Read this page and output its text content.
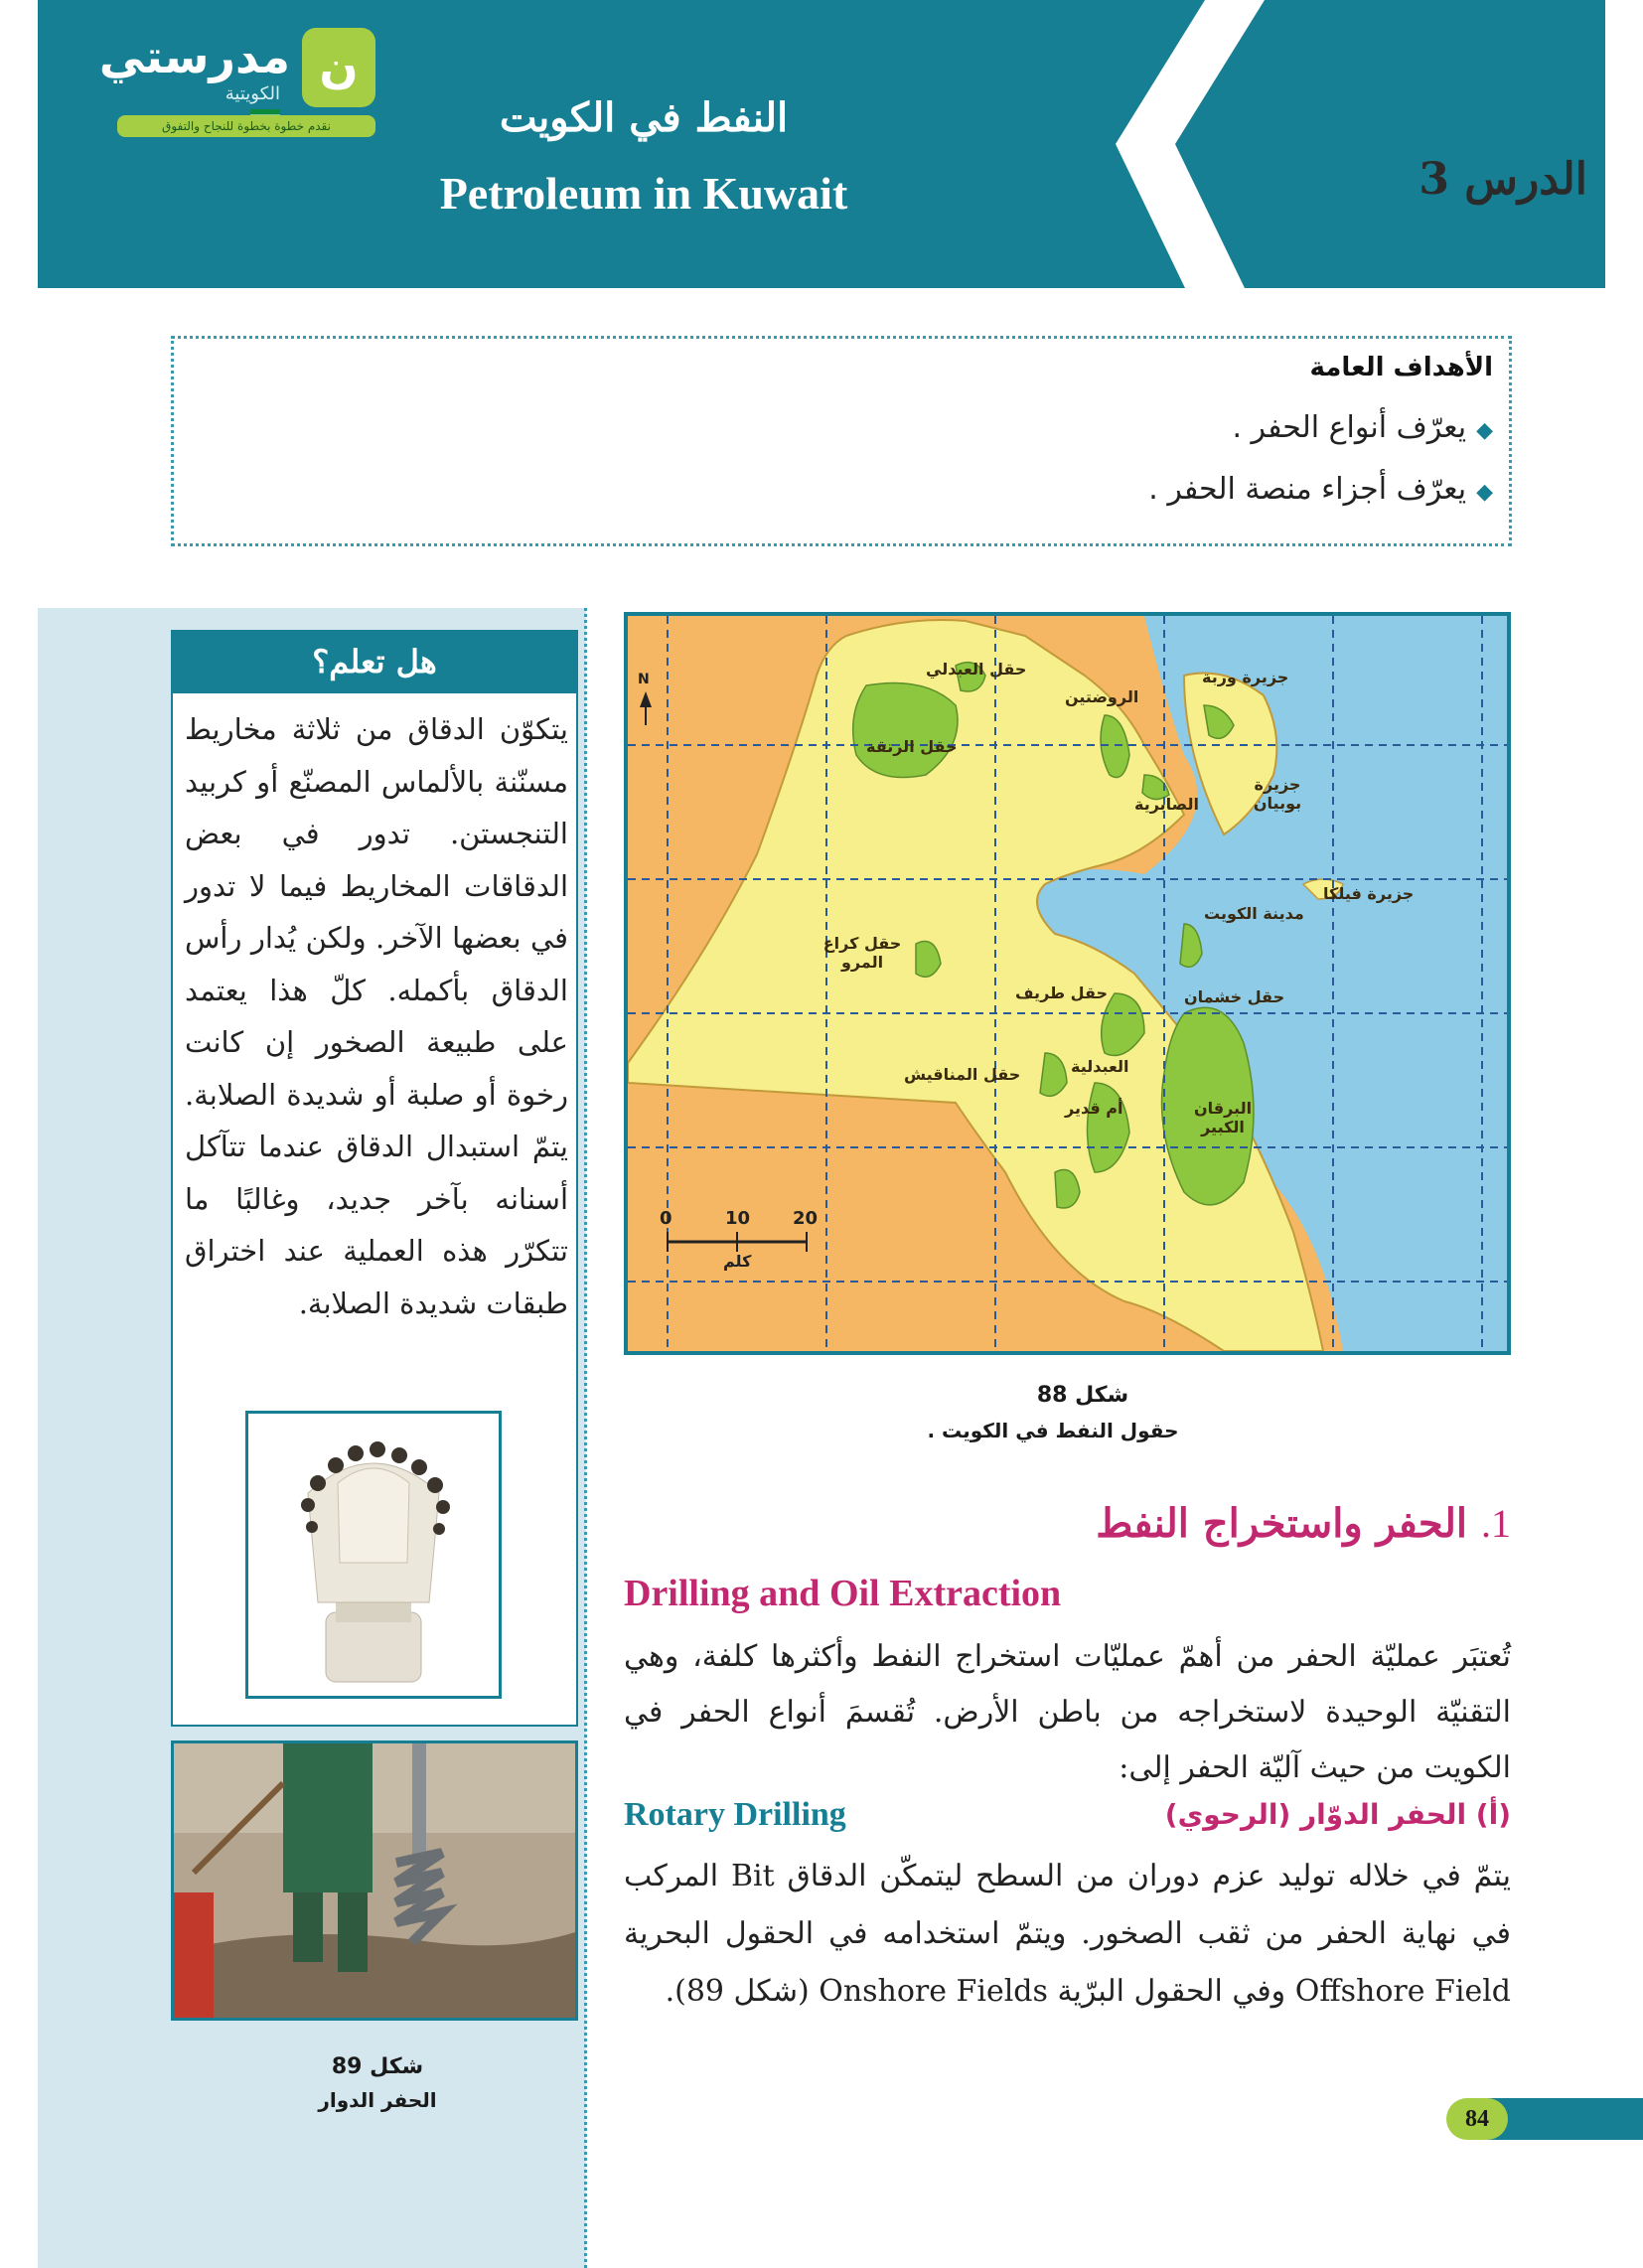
ن
مدرستي
الكويتية
نقدم خطوة بخطوة للنجاح والتفوق	النفط في الكويت
Petroleum in Kuwait	الدرس 3
الأهداف العامة
◆يعرّف أنواع الحفر .
◆يعرّف أجزاء منصة الحفر .
هل تعلم؟
يتكوّن الدقاق من ثلاثة مخاريط مسنّنة بالألماس المصنّع أو كربيد التنجستن. تدور في بعض الدقاقات المخاريط فيما لا تدور في بعضها الآخر. ولكن يُدار رأس الدقاق بأكمله. كلّ هذا يعتمد على طبيعة الصخور إن كانت رخوة أو صلبة أو شديدة الصلابة. يتمّ استبدال الدقاق عندما تتآكل أسنانه بآخر جديد، وغالبًا ما تتكرّر هذه العملية عند اختراق طبقات شديدة الصلابة.
شكل 89
الحفر الدوار
حقل العبدلي
الروضتين
جزيرة وربة
حقل الرتقة
جزيرة بوبيان
الصابرية
جزيرة فيلكا
مدينة الكويت
حقل كراع المرو
حقل طريف	حقل خشمان
حقل المناقيش	العبدلية
أم قدير	البرقان الكبير
0	10 20
كلم
N
شكل 88
حقول النفط في الكويت .
1.الحفر واستخراج النفط
Drilling and Oil Extraction
تُعتبَر عمليّة الحفر من أهمّ عمليّات استخراج النفط وأكثرها كلفة، وهي التقنيّة الوحيدة لاستخراجه من باطن الأرض. تُقسمَ أنواع الحفر في الكويت من حيث آليّة الحفر إلى:
(أ) الحفر الدوّار (الرحوي)
Rotary Drilling
يتمّ في خلاله توليد عزم دوران من السطح ليتمكّن الدقاق Bit المركب في نهاية الحفر من ثقب الصخور. ويتمّ استخدامه في الحقول البحرية Offshore Field وفي الحقول البرّية Onshore Fields (شكل 89).
84
